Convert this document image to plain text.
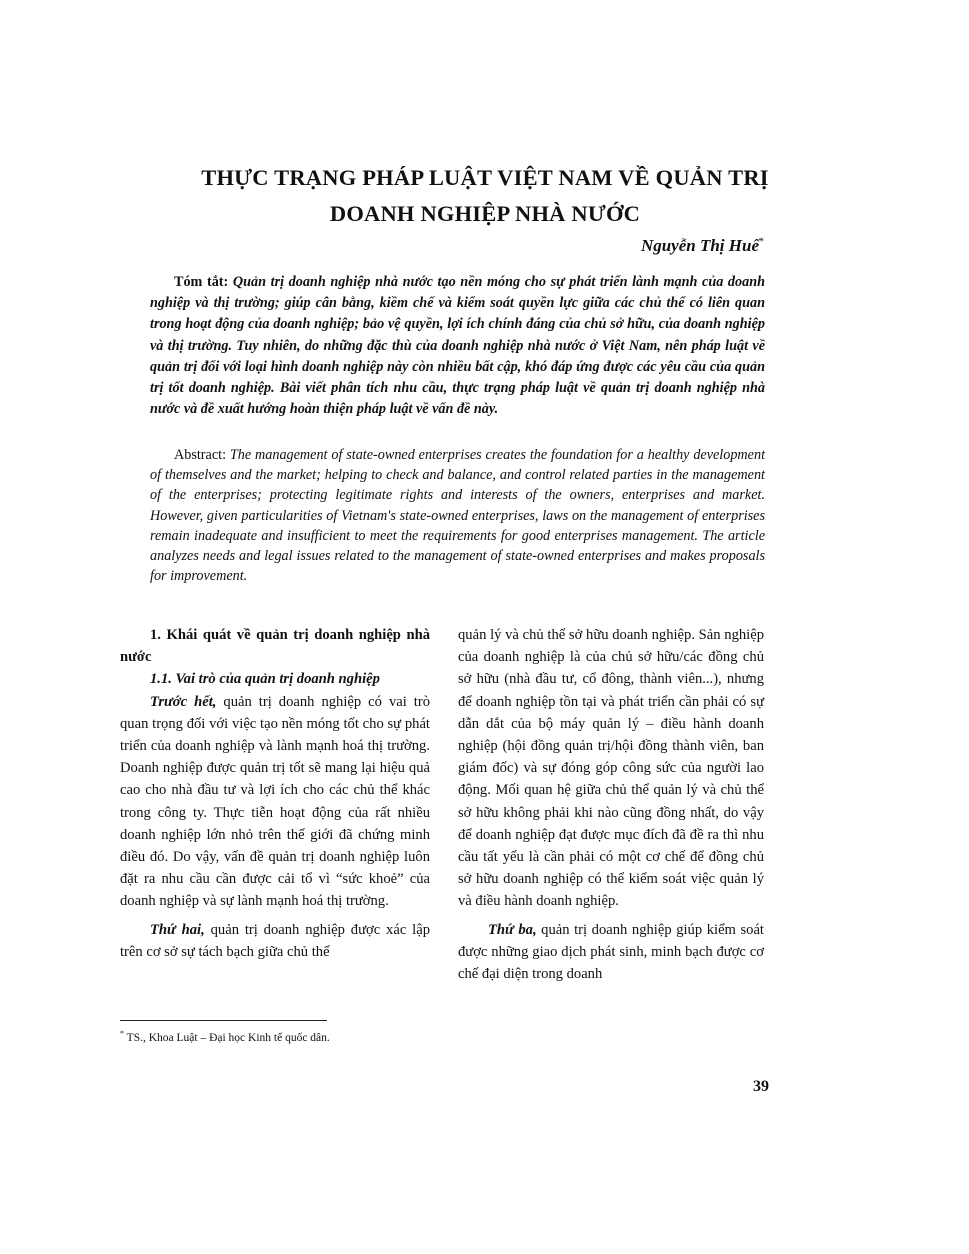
THỰC TRẠNG PHÁP LUẬT VIỆT NAM VỀ QUẢN TRỊ
DOANH NGHIỆP NHÀ NƯỚC
Nguyễn Thị Huế*

Tóm tắt: Quản trị doanh nghiệp nhà nước tạo nền móng cho sự phát triển lành mạnh của doanh nghiệp và thị trường; giúp cân bằng, kiềm chế và kiểm soát quyền lực giữa các chủ thể có liên quan trong hoạt động của doanh nghiệp; bảo vệ quyền, lợi ích chính đáng của chủ sở hữu, của doanh nghiệp và thị trường. Tuy nhiên, do những đặc thù của doanh nghiệp nhà nước ở Việt Nam, nên pháp luật về quản trị đối với loại hình doanh nghiệp này còn nhiều bất cập, khó đáp ứng được các yêu cầu của quản trị tốt doanh nghiệp. Bài viết phân tích nhu cầu, thực trạng pháp luật về quản trị doanh nghiệp nhà nước và đề xuất hướng hoàn thiện pháp luật về vấn đề này.

Abstract: The management of state-owned enterprises creates the foundation for a healthy development of themselves and the market; helping to check and balance, and control related parties in the management of the enterprises; protecting legitimate rights and interests of the owners, enterprises and market. However, given particularities of Vietnam's state-owned enterprises, laws on the management of enterprises remain inadequate and insufficient to meet the requirements for good enterprises management. The article analyzes needs and legal issues related to the management of state-owned enterprises and makes proposals for improvement.

1. Khái quát về quản trị doanh nghiệp nhà nước

1.1. Vai trò của quản trị doanh nghiệp

Trước hết, quản trị doanh nghiệp có vai trò quan trọng đối với việc tạo nền móng tốt cho sự phát triển của doanh nghiệp và lành mạnh hoá thị trường. Doanh nghiệp được quản trị tốt sẽ mang lại hiệu quả cao cho nhà đầu tư và lợi ích cho các chủ thể khác trong công ty. Thực tiễn hoạt động của rất nhiều doanh nghiệp lớn nhỏ trên thế giới đã chứng minh điều đó. Do vậy, vấn đề quản trị doanh nghiệp luôn đặt ra nhu cầu cần được cải tổ vì “sức khoẻ” của doanh nghiệp và sự lành mạnh hoá thị trường.

Thứ hai, quản trị doanh nghiệp được xác lập trên cơ sở sự tách bạch giữa chủ thể

quản lý và chủ thể sở hữu doanh nghiệp. Sản nghiệp của doanh nghiệp là của chủ sở hữu/các đồng chủ sở hữu (nhà đầu tư, cổ đông, thành viên...), nhưng để doanh nghiệp tồn tại và phát triển cần phải có sự dẫn dắt của bộ máy quản lý – điều hành doanh nghiệp (hội đồng quản trị/hội đồng thành viên, ban giám đốc) và sự đóng góp công sức của người lao động. Mối quan hệ giữa chủ thể quản lý và chủ thể sở hữu không phải khi nào cũng đồng nhất, do vậy để doanh nghiệp đạt được mục đích đã đề ra thì nhu cầu tất yếu là cần phải có một cơ chế để đồng chủ sở hữu doanh nghiệp có thể kiểm soát việc quản lý và điều hành doanh nghiệp.

Thứ ba, quản trị doanh nghiệp giúp kiểm soát được những giao dịch phát sinh, minh bạch được cơ chế đại diện trong doanh

* TS., Khoa Luật – Đại học Kinh tế quốc dân.
39
